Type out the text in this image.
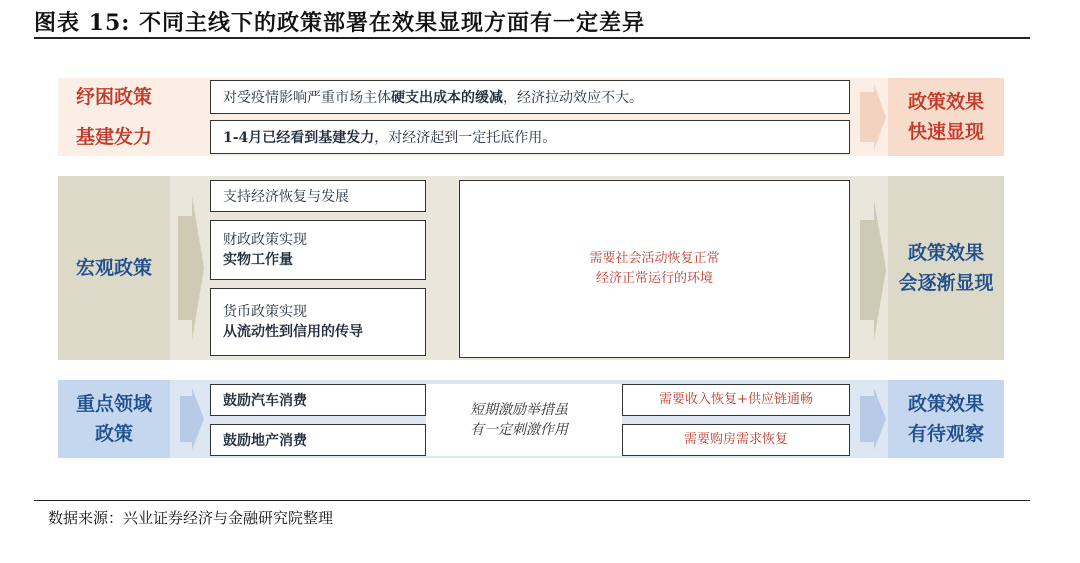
图表 15: 不同主线下的政策部署在效果显现方面有一定差异
纾困政策
基建发力
对受疫情影响严重市场主体 硬支出成本的缓减 ，经济拉动效应不大。
1-4月已经看到基建发力 ，对经济起到一定托底作用。
政策效果
快速显现
宏观政策
支持经济恢复与发展
财政政策实现
实物工作量
货币政策实现
从流动性到信用的传导
需要社会活动恢复正常
经济正常运行的环境
政策效果
会逐渐显现
重点领域
政策
鼓励汽车消费
鼓励地产消费
短期激励举措虽
有一定刺激作用
需要收入恢复+供应链通畅
需要购房需求恢复
政策效果
有待观察
数据来源：兴业证券经济与金融研究院整理
